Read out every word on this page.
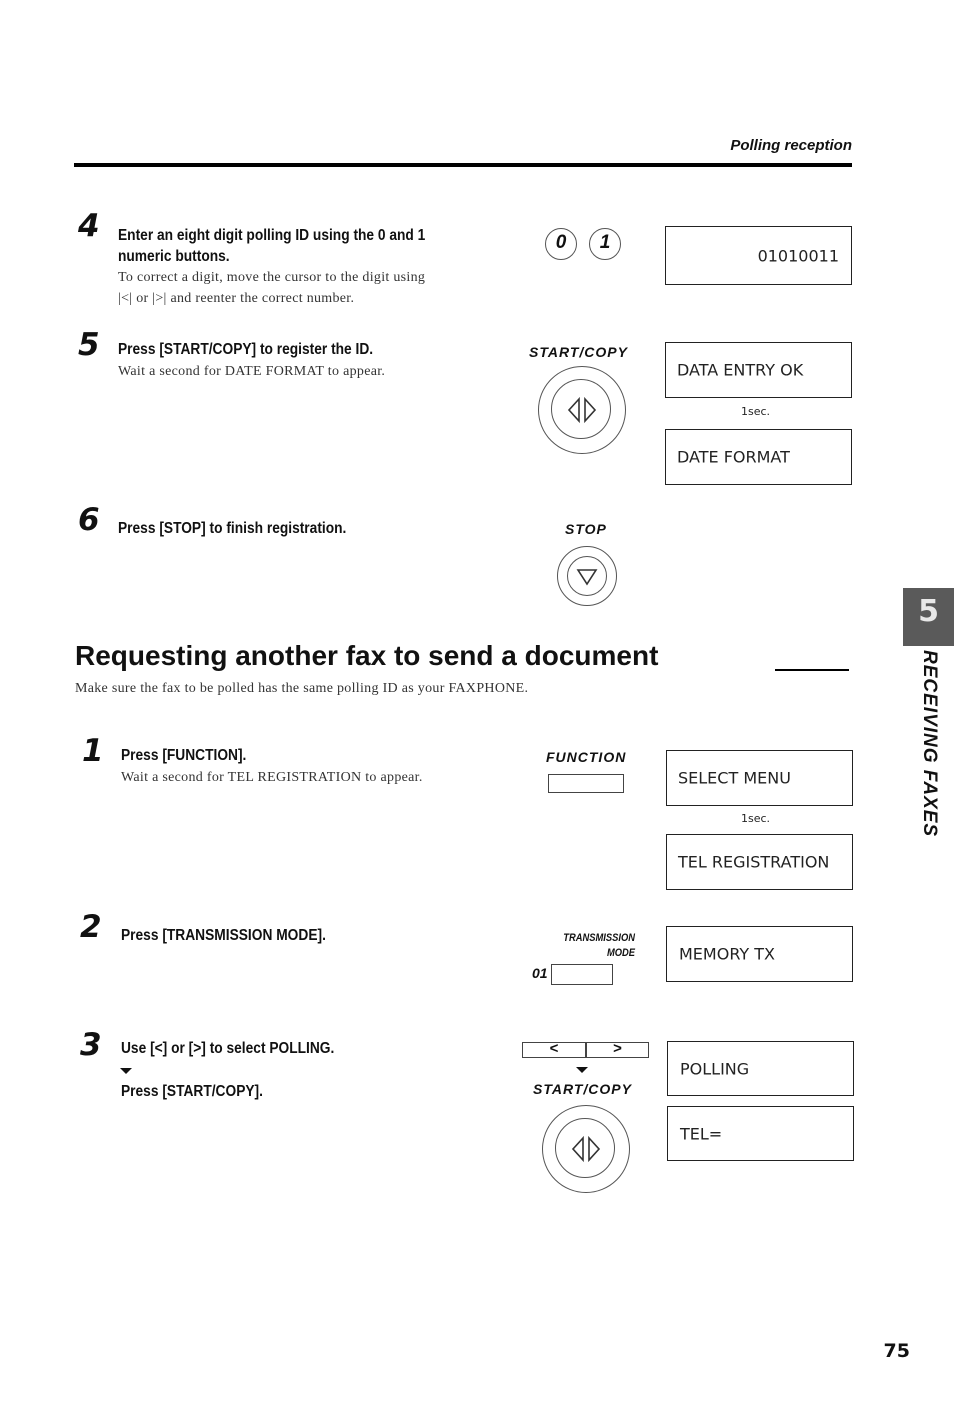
Polling reception
4 Enter an eight digit polling ID using the 0 and 1
numeric buttons.
To correct a digit, move the cursor to the digit using
|<| or |>| and reenter the correct number.
0	1
01010011
5 Press [START/COPY] to register the ID.
Wait a second for DATE FORMAT to appear.
START/COPY
DATA ENTRY OK
1sec.
DATE FORMAT
6 Press [STOP] to finish registration.	STOP
Requesting another fax to send a document
Make sure the fax to be polled has the same polling ID as your FAXPHONE.
5
RECEIVING FAXES
1 Press [FUNCTION].
Wait a second for TEL REGISTRATION to appear.
FUNCTION
SELECT MENU
1sec.
TEL REGISTRATION
2 Press [TRANSMISSION MODE].	TRANSMISSION
MODE
01
MEMORY TX
3 Use [<] or [>] to select POLLING.
Press [START/COPY].
<	>
START/COPY
POLLING
TEL=
75
